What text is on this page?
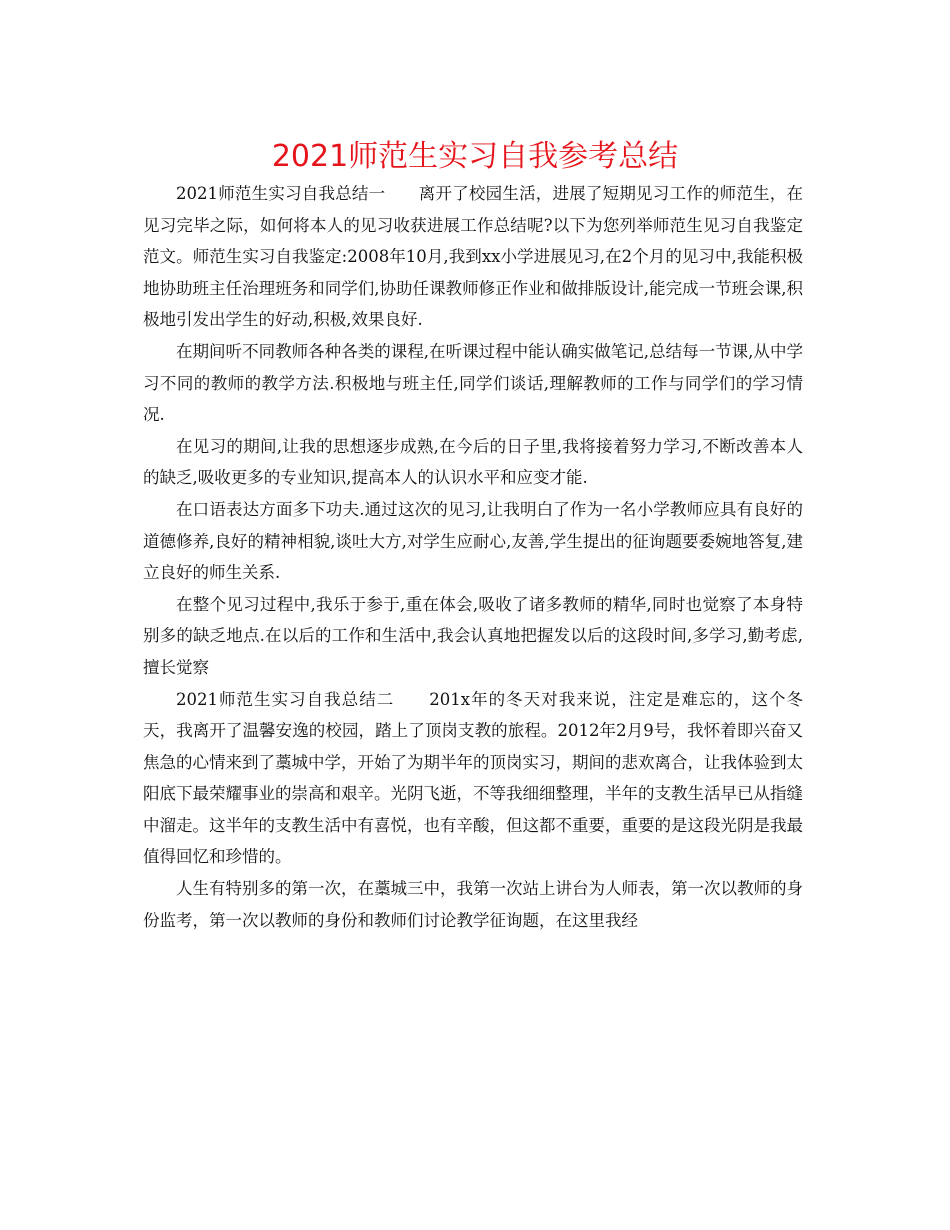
2021师范生实习自我参考总结

2021师范生实习自我总结一　　离开了校园生活，进展了短期见习工作的师范生，在见习完毕之际，如何将本人的见习收获进展工作总结呢?以下为您列举师范生见习自我鉴定范文。师范生实习自我鉴定:2008年10月,我到xx小学进展见习,在2个月的见习中,我能积极地协助班主任治理班务和同学们,协助任课教师修正作业和做排版设计,能完成一节班会课,积极地引发出学生的好动,积极,效果良好.

在期间听不同教师各种各类的课程,在听课过程中能认确实做笔记,总结每一节课,从中学习不同的教师的教学方法.积极地与班主任,同学们谈话,理解教师的工作与同学们的学习情况.

在见习的期间,让我的思想逐步成熟,在今后的日子里,我将接着努力学习,不断改善本人的缺乏,吸收更多的专业知识,提高本人的认识水平和应变才能.

在口语表达方面多下功夫.通过这次的见习,让我明白了作为一名小学教师应具有良好的道德修养,良好的精神相貌,谈吐大方,对学生应耐心,友善,学生提出的征询题要委婉地答复,建立良好的师生关系.

在整个见习过程中,我乐于参于,重在体会,吸收了诸多教师的精华,同时也觉察了本身特别多的缺乏地点.在以后的工作和生活中,我会认真地把握发以后的这段时间,多学习,勤考虑,擅长觉察

2021师范生实习自我总结二　　201x年的冬天对我来说，注定是难忘的，这个冬天，我离开了温馨安逸的校园，踏上了顶岗支教的旅程。2012年2月9号，我怀着即兴奋又焦急的心情来到了藁城中学，开始了为期半年的顶岗实习，期间的悲欢离合，让我体验到太阳底下最荣耀事业的崇高和艰辛。光阴飞逝，不等我细细整理，半年的支教生活早已从指缝中溜走。这半年的支教生活中有喜悦，也有辛酸，但这都不重要，重要的是这段光阴是我最值得回忆和珍惜的。

人生有特别多的第一次，在藁城三中，我第一次站上讲台为人师表，第一次以教师的身份监考，第一次以教师的身份和教师们讨论教学征询题，在这里我经
